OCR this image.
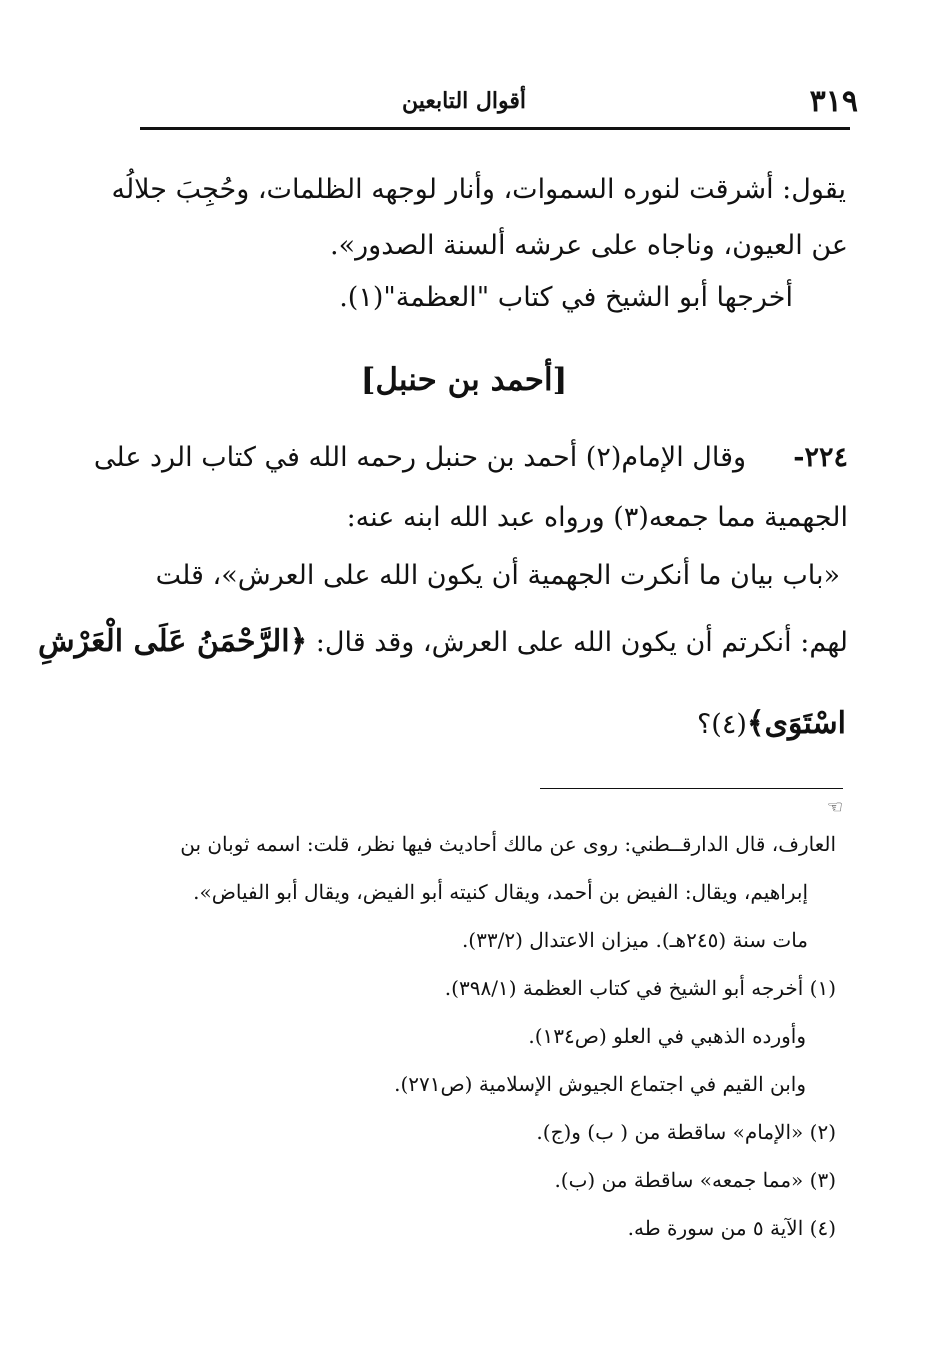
٣١٩
أقوال التابعين
يقول: أشرقت لنوره السموات، وأنار لوجهه الظلمات، وحُجِبَ جلالُه
عن العيون، وناجاه على عرشه ألسنة الصدور».
أخرجها أبو الشيخ في كتاب "العظمة"(١).
[أحمد بن حنبل]
٢٢٤-  وقال الإمام(٢) أحمد بن حنبل رحمه الله في كتاب الرد على
الجهمية مما جمعه(٣) ورواه عبد الله ابنه عنه:
«باب بيان ما أنكرت الجهمية أن يكون الله على العرش»، قلت
لهم: أنكرتم أن يكون الله على العرش، وقد قال: ﴿الرَّحْمَنُ عَلَى الْعَرْشِ
اسْتَوَى﴾(٤)؟
☜
العارف، قال الدارقــطني: روى عن مالك أحاديث فيها نظر، قلت: اسمه ثوبان بن
إبراهيم، ويقال: الفيض بن أحمد، ويقال كنيته أبو الفيض، ويقال أبو الفياض».
مات سنة (٢٤٥هـ). ميزان الاعتدال (٣٣/٢).
(١) أخرجه أبو الشيخ في كتاب العظمة (٣٩٨/١).
وأورده الذهبي في العلو (ص١٣٤).
وابن القيم في اجتماع الجيوش الإسلامية (ص٢٧١).
(٢) «الإمام» ساقطة من ( ب) و(ج).
(٣) «مما جمعه» ساقطة من (ب).
(٤) الآية ٥ من سورة طه.
